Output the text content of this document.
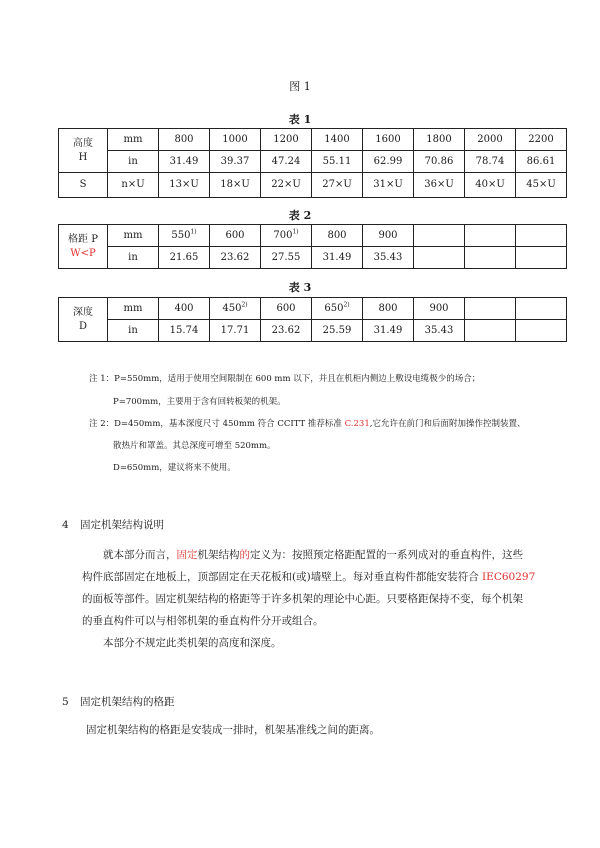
图 1
表 1
高度
H	mm	800	1000	1200	1400	1600	1800	2000	2200
	in	31.49	39.37	47.24	55.11	62.99	70.86	78.74	86.61
S	n×U	13×U	18×U	22×U	27×U	31×U	36×U	40×U	45×U
表 2
格距 P
W<P	mm	550$^{1)}$	600	700$^{1)}$	800	900			
	in	21.65	23.62	27.55	31.49	35.43			
表 3
深度
D	mm	400	450$^{2)}$	600	650$^{2)}$	800	900		
	in	15.74	17.71	23.62	25.59	31.49	35.43		
注 1：P=550mm，适用于使用空间限制在 600 mm 以下，并且在机柜内侧边上敷设电缆极少的场合；
P=700mm，主要用于含有回转板架的机架。
注 2：D=450mm，基本深度尺寸 450mm 符合 CCITT 推荐标准 C.231,它允许在前门和后面附加操作控制装置、
散热片和罩盖。其总深度可增至 520mm。
D=650mm，建议将来不使用。
4 固定机架结构说明
就本部分而言，固定机架结构的定义为：按照预定格距配置的一系列成对的垂直构件，这些
构件底部固定在地板上，顶部固定在天花板和(或)墙壁上。每对垂直构件都能安装符合 IEC60297
的面板等部件。固定机架结构的格距等于许多机架的理论中心距。只要格距保持不变，每个机架
的垂直构件可以与相邻机架的垂直构件分开或组合。
本部分不规定此类机架的高度和深度。
5 固定机架结构的格距
固定机架结构的格距是安装成一排时，机架基准线之间的距离。
